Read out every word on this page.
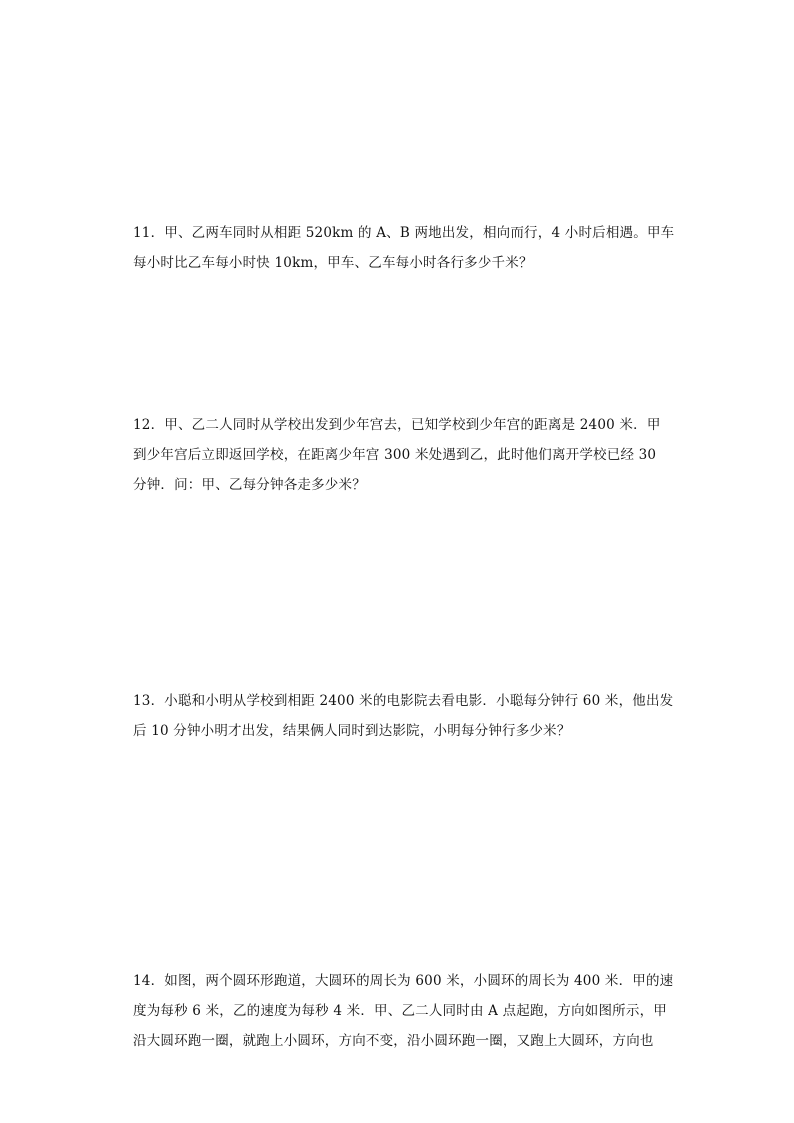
11．甲、乙两车同时从相距 520km 的 A、B 两地出发，相向而行，4 小时后相遇。甲车
每小时比乙车每小时快 10km，甲车、乙车每小时各行多少千米？
12．甲、乙二人同时从学校出发到少年宫去，已知学校到少年宫的距离是 2400 米．甲
到少年宫后立即返回学校，在距离少年宫 300 米处遇到乙，此时他们离开学校已经 30
分钟．问：甲、乙每分钟各走多少米？
13．小聪和小明从学校到相距 2400 米的电影院去看电影．小聪每分钟行 60 米，他出发
后 10 分钟小明才出发，结果俩人同时到达影院，小明每分钟行多少米？
14．如图，两个圆环形跑道，大圆环的周长为 600 米，小圆环的周长为 400 米．甲的速
度为每秒 6 米，乙的速度为每秒 4 米．甲、乙二人同时由 A 点起跑，方向如图所示，甲
沿大圆环跑一圈，就跑上小圆环，方向不变，沿小圆环跑一圈，又跑上大圆环，方向也
